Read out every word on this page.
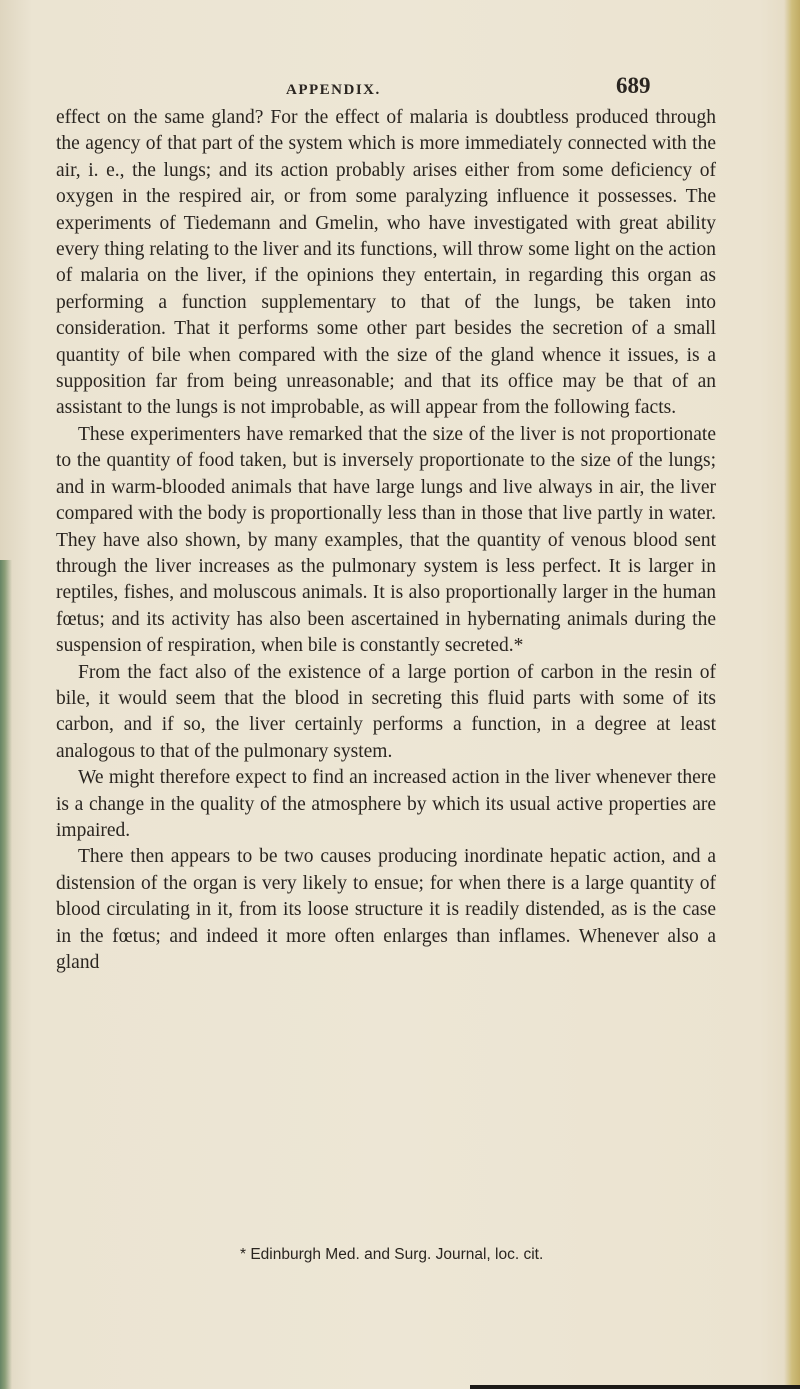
APPENDIX.	689

effect on the same gland? For the effect of malaria is doubtless produced through the agency of that part of the system which is more immediately connected with the air, i. e., the lungs; and its action probably arises either from some deficiency of oxygen in the respired air, or from some paralyzing influence it possesses. The experiments of Tiedemann and Gmelin, who have investigated with great ability every thing relating to the liver and its functions, will throw some light on the action of malaria on the liver, if the opinions they entertain, in regarding this organ as performing a function supplementary to that of the lungs, be taken into consideration. That it performs some other part besides the secretion of a small quantity of bile when compared with the size of the gland whence it issues, is a supposition far from being unreasonable; and that its office may be that of an assistant to the lungs is not improbable, as will appear from the following facts.

These experimenters have remarked that the size of the liver is not proportionate to the quantity of food taken, but is inversely proportionate to the size of the lungs; and in warm-blooded animals that have large lungs and live always in air, the liver compared with the body is proportionally less than in those that live partly in water. They have also shown, by many examples, that the quantity of venous blood sent through the liver increases as the pulmonary system is less perfect. It is larger in reptiles, fishes, and moluscous animals. It is also proportionally larger in the human fœtus; and its activity has also been ascertained in hybernating animals during the suspension of respiration, when bile is constantly secreted.*

From the fact also of the existence of a large portion of carbon in the resin of bile, it would seem that the blood in secreting this fluid parts with some of its carbon, and if so, the liver certainly performs a function, in a degree at least analogous to that of the pulmonary system.

We might therefore expect to find an increased action in the liver whenever there is a change in the quality of the atmosphere by which its usual active properties are impaired.

There then appears to be two causes producing inordinate hepatic action, and a distension of the organ is very likely to ensue; for when there is a large quantity of blood circulating in it, from its loose structure it is readily distended, as is the case in the fœtus; and indeed it more often enlarges than inflames. Whenever also a gland

* Edinburgh Med. and Surg. Journal, loc. cit.
